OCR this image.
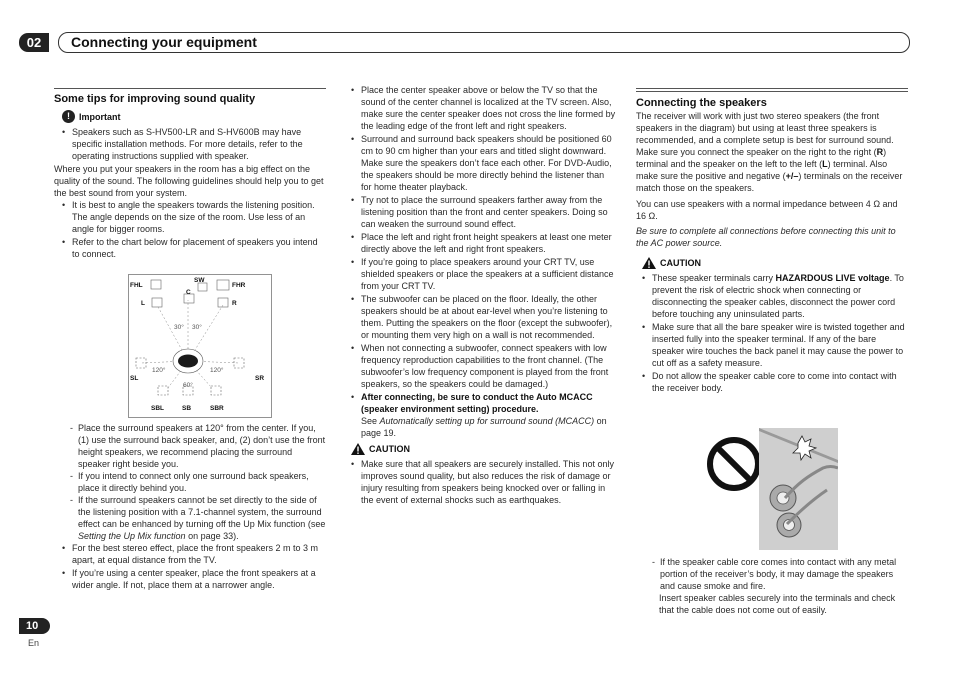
02	Connecting your equipment
Some tips for improving sound quality
!	Important
• Speakers such as S-HV500-LR and S-HV600B may have specific installation methods. For more details, refer to the operating instructions supplied with speaker.

Where you put your speakers in the room has a big effect on the quality of the sound. The following guidelines should help you to get the best sound from your system.

• It is best to angle the speakers towards the listening position. The angle depends on the size of the room. Use less of an angle for bigger rooms.
• Refer to the chart below for placement of speakers you intend to connect.
FHL
SW
FHR
C
L	R
SL	SR
SBL	SB	SBR
30° 30°
120°	120°
60°
- Place the surround speakers at 120° from the center. If you, (1) use the surround back speaker, and, (2) don’t use the front height speakers, we recommend placing the surround speaker right beside you.
- If you intend to connect only one surround back speakers, place it directly behind you.
- If the surround speakers cannot be set directly to the side of the listening position with a 7.1-channel system, the surround effect can be enhanced by turning off the Up Mix function (see Setting the Up Mix function on page 33).
• For the best stereo effect, place the front speakers 2 m to 3 m apart, at equal distance from the TV.
• If you’re using a center speaker, place the front speakers at a wider angle. If not, place them at a narrower angle.
• Place the center speaker above or below the TV so that the sound of the center channel is localized at the TV screen. Also, make sure the center speaker does not cross the line formed by the leading edge of the front left and right speakers.
• Surround and surround back speakers should be positioned 60 cm to 90 cm higher than your ears and titled slight downward. Make sure the speakers don’t face each other. For DVD-Audio, the speakers should be more directly behind the listener than for home theater playback.
• Try not to place the surround speakers farther away from the listening position than the front and center speakers. Doing so can weaken the surround sound effect.
• Place the left and right front height speakers at least one meter directly above the left and right front speakers.
• If you’re going to place speakers around your CRT TV, use shielded speakers or place the speakers at a sufficient distance from your CRT TV.
• The subwoofer can be placed on the floor. Ideally, the other speakers should be at about ear-level when you’re listening to them. Putting the speakers on the floor (except the subwoofer), or mounting them very high on a wall is not recommended.
• When not connecting a subwoofer, connect speakers with low frequency reproduction capabilities to the front channel. (The subwoofer’s low frequency component is played from the front speakers, so the speakers could be damaged.)
• After connecting, be sure to conduct the Auto MCACC (speaker environment setting) procedure.
See Automatically setting up for surround sound (MCACC) on page 19.
CAUTION
• Make sure that all speakers are securely installed. This not only improves sound quality, but also reduces the risk of damage or injury resulting from speakers being knocked over or falling in the event of external shocks such as earthquakes.
Connecting the speakers

The receiver will work with just two stereo speakers (the front speakers in the diagram) but using at least three speakers is recommended, and a complete setup is best for surround sound.

Make sure you connect the speaker on the right to the right (R) terminal and the speaker on the left to the left (L) terminal. Also make sure the positive and negative (+/–) terminals on the receiver match those on the speakers.

You can use speakers with a normal impedance between 4 Ω and 16 Ω.

Be sure to complete all connections before connecting this unit to the AC power source.

CAUTION
• These speaker terminals carry HAZARDOUS LIVE voltage. To prevent the risk of electric shock when connecting or disconnecting the speaker cables, disconnect the power cord before touching any uninsulated parts.
• Make sure that all the bare speaker wire is twisted together and inserted fully into the speaker terminal. If any of the bare speaker wire touches the back panel it may cause the power to cut off as a safety measure.
• Do not allow the speaker cable core to come into contact with the receiver body.
- If the speaker cable core comes into contact with any metal portion of the receiver’s body, it may damage the speakers and cause smoke and fire.

Insert speaker cables securely into the terminals and check that the cable does not come out of easily.

10
En
